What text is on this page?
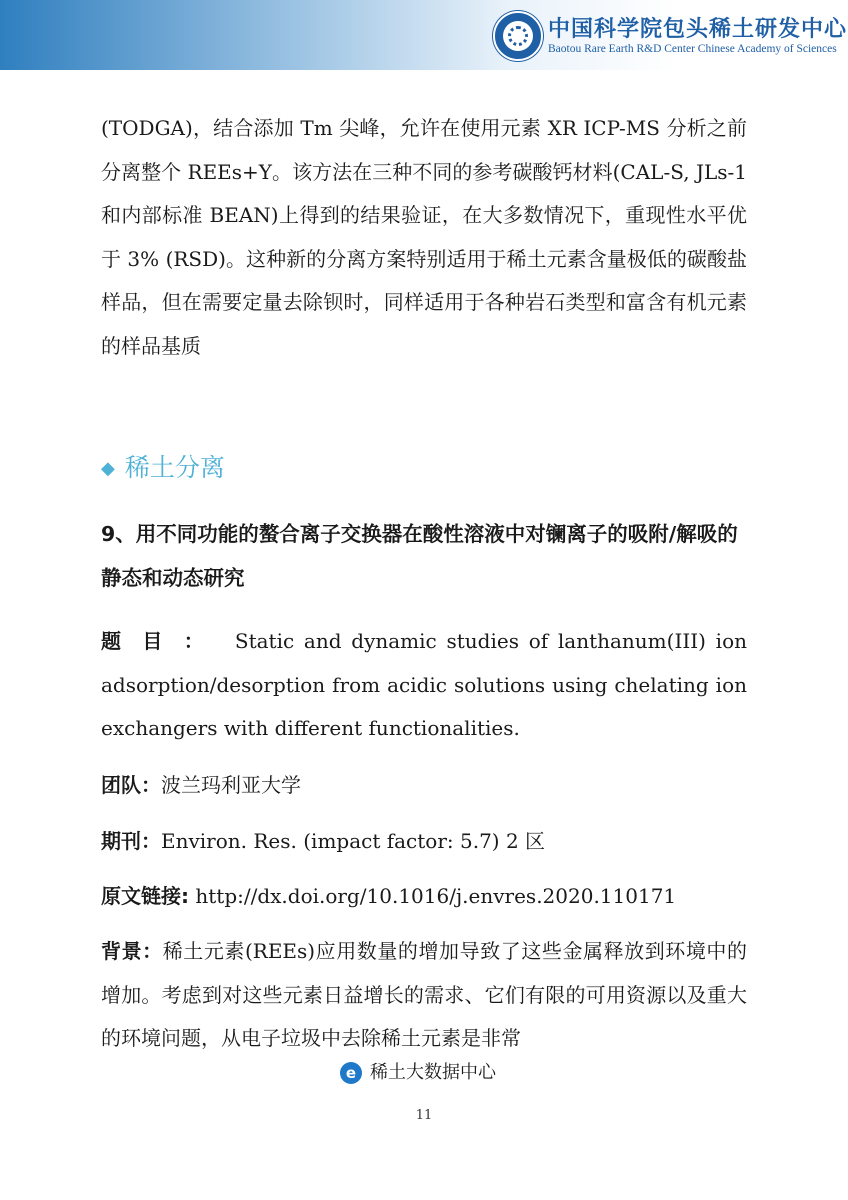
中国科学院包头稀土研发中心
Baotou Rare Earth R&D Center Chinese Academy of Sciences

(TODGA)，结合添加 Tm 尖峰，允许在使用元素 XR ICP-MS 分析之前分离整个 REEs+Y。该方法在三种不同的参考碳酸钙材料(CAL-S, JLs-1 和内部标准 BEAN)上得到的结果验证，在大多数情况下，重现性水平优于 3% (RSD)。这种新的分离方案特别适用于稀土元素含量极低的碳酸盐样品，但在需要定量去除钡时，同样适用于各种岩石类型和富含有机元素的样品基质

◆ 稀土分离

9、用不同功能的螯合离子交换器在酸性溶液中对镧离子的吸附/解吸的静态和动态研究

题目： Static and dynamic studies of lanthanum(III) ion adsorption/desorption from acidic solutions using chelating ion exchangers with different functionalities.

团队：波兰玛利亚大学

期刊：Environ. Res. (impact factor: 5.7) 2 区

原文链接: http://dx.doi.org/10.1016/j.envres.2020.110171

背景：稀土元素(REEs)应用数量的增加导致了这些金属释放到环境中的增加。考虑到对这些元素日益增长的需求、它们有限的可用资源以及重大的环境问题，从电子垃圾中去除稀土元素是非常

e 稀土大数据中心
11
